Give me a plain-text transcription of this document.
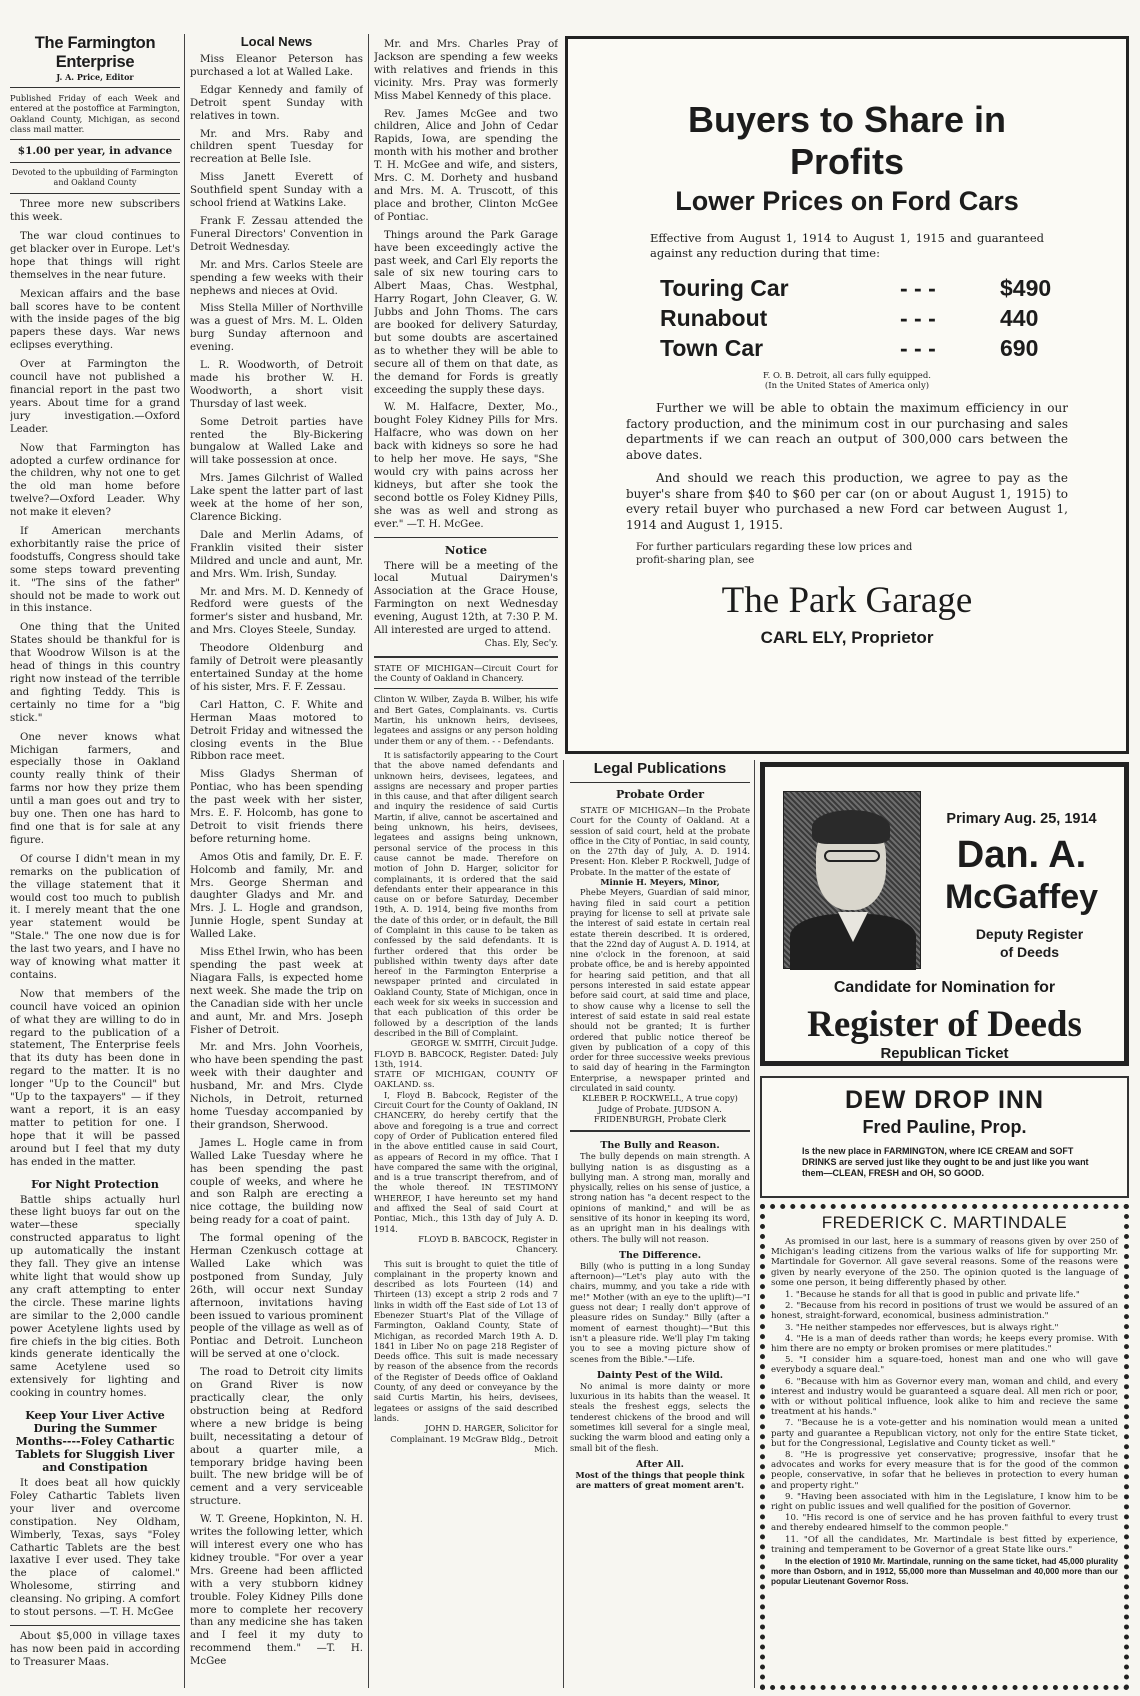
The Farmington Enterprise
J. A. Price, Editor
Published Friday of each Week and entered at the postoffice at Farmington, Oakland County, Michigan, as second class mail matter.
$1.00 per year, in advance
Devoted to the upbuilding of Farmington and Oakland County

Three more new subscribers this week.

The war cloud continues to get blacker over in Europe. Let's hope that things will right themselves in the near future.

Mexican affairs and the base ball scores have to be content with the inside pages of the big papers these days. War news eclipses everything.

Over at Farmington the council have not published a financial report in the past two years. About time for a grand jury investigation.—Oxford Leader.

Now that Farmington has adopted a curfew ordinance for the children, why not one to get the old man home before twelve?—Oxford Leader. Why not make it eleven?

If American merchants exhorbitantly raise the price of foodstuffs, Congress should take some steps toward preventing it. "The sins of the father" should not be made to work out in this instance.

One thing that the United States should be thankful for is that Woodrow Wilson is at the head of things in this country right now instead of the terrible and fighting Teddy. This is certainly no time for a "big stick."

One never knows what Michigan farmers, and especially those in Oakland county really think of their farms nor how they prize them until a man goes out and try to buy one. Then one has hard to find one that is for sale at any figure.

Of course I didn't mean in my remarks on the publication of the village statement that it would cost too much to publish it. I merely meant that the one year statement would be "Stale." The one now due is for the last two years, and I have no way of knowing what matter it contains.

Now that members of the council have voiced an opinion of what they are willing to do in regard to the publication of a statement, The Enterprise feels that its duty has been done in regard to the matter. It is no longer "Up to the Council" but "Up to the taxpayers" — if they want a report, it is an easy matter to petition for one. I hope that it will be passed around but I feel that my duty has ended in the matter.

For Night Protection

Battle ships actually hurl these light buoys far out on the water—these specially constructed apparatus to light up automatically the instant they fall. They give an intense white light that would show up any craft attempting to enter the circle. These marine lights are similar to the 2,000 candle power Acetylene lights used by fire chiefs in the big cities. Both kinds generate identically the same Acetylene used so extensively for lighting and cooking in country homes.

Keep Your Liver Active During the Summer Months----Foley Cathartic Tablets for Sluggish Liver and Constipation

It does beat all how quickly Foley Cathartic Tablets liven your liver and overcome constipation. Ney Oldham, Wimberly, Texas, says "Foley Cathartic Tablets are the best laxative I ever used. They take the place of calomel." Wholesome, stirring and cleansing. No griping. A comfort to stout persons. —T. H. McGee

About $5,000 in village taxes has now been paid in according to Treasurer Maas.

Local News

Miss Eleanor Peterson has purchased a lot at Walled Lake.

Edgar Kennedy and family of Detroit spent Sunday with relatives in town.

Mr. and Mrs. Raby and children spent Tuesday for recreation at Belle Isle.

Miss Janett Everett of Southfield spent Sunday with a school friend at Watkins Lake.

Frank F. Zessau attended the Funeral Directors' Convention in Detroit Wednesday.

Mr. and Mrs. Carlos Steele are spending a few weeks with their nephews and nieces at Ovid.

Miss Stella Miller of Northville was a guest of Mrs. M. L. Olden burg Sunday afternoon and evening.

L. R. Woodworth, of Detroit made his brother W. H. Woodworth, a short visit Thursday of last week.

Some Detroit parties have rented the Bly-Bickering bungalow at Walled Lake and will take possession at once.

Mrs. James Gilchrist of Walled Lake spent the latter part of last week at the home of her son, Clarence Bicking.

Dale and Merlin Adams, of Franklin visited their sister Mildred and uncle and aunt, Mr. and Mrs. Wm. Irish, Sunday.

Mr. and Mrs. M. D. Kennedy of Redford were guests of the former's sister and husband, Mr. and Mrs. Cloyes Steele, Sunday.

Theodore Oldenburg and family of Detroit were pleasantly entertained Sunday at the home of his sister, Mrs. F. F. Zessau.

Carl Hatton, C. F. White and Herman Maas motored to Detroit Friday and witnessed the closing events in the Blue Ribbon race meet.

Miss Gladys Sherman of Pontiac, who has been spending the past week with her sister, Mrs. E. F. Holcomb, has gone to Detroit to visit friends there before returning home.

Amos Otis and family, Dr. E. F. Holcomb and family, Mr. and Mrs. George Sherman and daughter Gladys and Mr. and Mrs. J. L. Hogle and grandson, Junnie Hogle, spent Sunday at Walled Lake.

Miss Ethel Irwin, who has been spending the past week at Niagara Falls, is expected home next week. She made the trip on the Canadian side with her uncle and aunt, Mr. and Mrs. Joseph Fisher of Detroit.

Mr. and Mrs. John Voorheis, who have been spending the past week with their daughter and husband, Mr. and Mrs. Clyde Nichols, in Detroit, returned home Tuesday accompanied by their grandson, Sherwood.

James L. Hogle came in from Walled Lake Tuesday where he has been spending the past couple of weeks, and where he and son Ralph are erecting a nice cottage, the building now being ready for a coat of paint.

The formal opening of the Herman Czenkusch cottage at Walled Lake which was postponed from Sunday, July 26th, will occur next Sunday afternoon, invitations having been issued to various prominent people of the village as well as of Pontiac and Detroit. Luncheon will be served at one o'clock.

The road to Detroit city limits on Grand River is now practically clear, the only obstruction being at Redford where a new bridge is being built, necessitating a detour of about a quarter mile, a temporary bridge having been built. The new bridge will be of cement and a very serviceable structure.

W. T. Greene, Hopkinton, N. H. writes the following letter, which will interest every one who has kidney trouble. "For over a year Mrs. Greene had been afflicted with a very stubborn kidney trouble. Foley Kidney Pills done more to complete her recovery than any medicine she has taken and I feel it my duty to recommend them." —T. H. McGee

Mr. and Mrs. Charles Pray of Jackson are spending a few weeks with relatives and friends in this vicinity. Mrs. Pray was formerly Miss Mabel Kennedy of this place.

Rev. James McGee and two children, Alice and John of Cedar Rapids, Iowa, are spending the month with his mother and brother T. H. McGee and wife, and sisters, Mrs. C. M. Dorhety and husband and Mrs. M. A. Truscott, of this place and brother, Clinton McGee of Pontiac.

Things around the Park Garage have been exceedingly active the past week, and Carl Ely reports the sale of six new touring cars to Albert Maas, Chas. Westphal, Harry Rogart, John Cleaver, G. W. Jubbs and John Thoms. The cars are booked for delivery Saturday, but some doubts are ascertained as to whether they will be able to secure all of them on that date, as the demand for Fords is greatly exceeding the supply these days.

W. M. Halfacre, Dexter, Mo., bought Foley Kidney Pills for Mrs. Halfacre, who was down on her back with kidneys so sore he had to help her move. He says, "She would cry with pains across her kidneys, but after she took the second bottle os Foley Kidney Pills, she was as well and strong as ever." —T. H. McGee.

Notice

There will be a meeting of the local Mutual Dairymen's Association at the Grace House, Farmington on next Wednesday evening, August 12th, at 7:30 P. M. All interested are urged to attend.

Chas. Ely, Sec'y.

STATE OF MICHIGAN—Circuit Court for the County of Oakland in Chancery.
Clinton W. Wilber, Zayda B. Wilber, his wife and Bert Gates, Complainants. vs. Curtis Martin, his unknown heirs, devisees, legatees and assigns or any person holding under them or any of them. - - Defendants.
It is satisfactorily appearing to the Court that the above named defendants and unknown heirs, devisees, legatees, and assigns are necessary and proper parties in this cause, and that after diligent search and inquiry the residence of said Curtis Martin, if alive, cannot be ascertained and being unknown, his heirs, devisees, legatees and assigns being unknown, personal service of the process in this cause cannot be made. Therefore on motion of John D. Harger, solicitor for complainants, it is ordered that the said defendants enter their appearance in this cause on or before Saturday, December 19th, A. D. 1914, being five months from the date of this order, or in default, the Bill of Complaint in this cause to be taken as confessed by the said defendants. It is further ordered that this order be published within twenty days after date hereof in the Farmington Enterprise a newspaper printed and circulated in Oakland County, State of Michigan, once in each week for six weeks in succession and that each publication of this order be followed by a description of the lands described in the Bill of Complaint.
GEORGE W. SMITH, Circuit Judge.
FLOYD B. BABCOCK, Register. Dated: July 13th, 1914.
STATE OF MICHIGAN, COUNTY OF OAKLAND. ss.
I, Floyd B. Babcock, Register of the Circuit Court for the County of Oakland, IN CHANCERY, do hereby certify that the above and foregoing is a true and correct copy of Order of Publication entered filed in the above entitled cause in said Court, as appears of Record in my office. That I have compared the same with the original, and is a true transcript therefrom, and of the whole thereof. IN TESTIMONY WHEREOF, I have hereunto set my hand and affixed the Seal of said Court at Pontiac, Mich., this 13th day of July A. D. 1914.
FLOYD B. BABCOCK, Register in Chancery.
This suit is brought to quiet the title of complainant in the property known and described as lots Fourteen (14) and Thirteen (13) except a strip 2 rods and 7 links in width off the East side of Lot 13 of Ebenezer Stuart's Plat of the Village of Farmington, Oakland County, State of Michigan, as recorded March 19th A. D. 1841 in Liber No on page 218 Register of Deeds office. This suit is made necessary by reason of the absence from the records of the Register of Deeds office of Oakland County, of any deed or conveyance by the said Curtis Martin, his heirs, devisees, legatees or assigns of the said described lands.
JOHN D. HARGER, Solicitor for Complainant. 19 McGraw Bldg., Detroit Mich.
Buyers to Share in
Profits
Lower Prices on Ford Cars
Effective from August 1, 1914 to August 1, 1915 and guaranteed against any reduction during that time:
Touring Car	- - -	$490
Runabout	- - -	440
Town Car	- - -	690
F. O. B. Detroit, all cars fully equipped.
(In the United States of America only)
Further we will be able to obtain the maximum efficiency in our factory production, and the minimum cost in our purchasing and sales departments if we can reach an output of 300,000 cars between the above dates.
And should we reach this production, we agree to pay as the buyer's share from $40 to $60 per car (on or about August 1, 1915) to every retail buyer who purchased a new Ford car between August 1, 1914 and August 1, 1915.
For further particulars regarding these low prices and profit-sharing plan, see
The Park Garage
CARL ELY, Proprietor
Legal Publications
Probate Order
STATE OF MICHIGAN—In the Probate Court for the County of Oakland. At a session of said court, held at the probate office in the City of Pontiac, in said county, on the 27th day of July, A. D. 1914. Present: Hon. Kleber P. Rockwell, Judge of Probate. In the matter of the estate of
Minnie H. Meyers, Minor,
Phebe Meyers, Guardian of said minor, having filed in said court a petition praying for license to sell at private sale the interest of said estate in certain real estate therein described. It is ordered, that the 22nd day of August A. D. 1914, at nine o'clock in the forenoon, at said probate office, be and is hereby appointed for hearing said petition, and that all persons interested in said estate appear before said court, at said time and place, to show cause why a license to sell the interest of said estate in said real estate should not be granted; It is further ordered that public notice thereof be given by publication of a copy of this order for three successive weeks previous to said day of hearing in the Farmington Enterprise, a newspaper printed and circulated in said county.
KLEBER P. ROCKWELL, A true copy) Judge of Probate. JUDSON A. FRIDENBURGH, Probate Clerk
The Bully and Reason.
The bully depends on main strength. A bullying nation is as disgusting as a bullying man. A strong man, morally and physically, relies on his sense of justice, a strong nation has "a decent respect to the opinions of mankind," and will be as sensitive of its honor in keeping its word, as an upright man in his dealings with others. The bully will not reason.
The Difference.
Billy (who is putting in a long Sunday afternoon)—"Let's play auto with the chairs, mummy, and you take a ride with me!" Mother (with an eye to the uplift)—"I guess not dear; I really don't approve of pleasure rides on Sunday." Billy (after a moment of earnest thought)—"But this isn't a pleasure ride. We'll play I'm taking you to see a moving picture show of scenes from the Bible."—Life.
Dainty Pest of the Wild.
No animal is more dainty or more luxurious in its habits than the weasel. It steals the freshest eggs, selects the tenderest chickens of the brood and will sometimes kill several for a single meal, sucking the warm blood and eating only a small bit of the flesh.
After All.
Most of the things that people think are matters of great moment aren't.
Primary Aug. 25, 1914
Dan. A.
McGaffey
Deputy Register of Deeds
Candidate for Nomination for
Register of Deeds
Republican Ticket
DEW DROP INN
Fred Pauline, Prop.
Is the new place in FARMINGTON, where ICE CREAM and SOFT DRINKS are served just like they ought to be and just like you want them—CLEAN, FRESH and OH, SO GOOD.
FREDERICK C. MARTINDALE
As promised in our last, here is a summary of reasons given by over 250 of Michigan's leading citizens from the various walks of life for supporting Mr. Martindale for Governor. All gave several reasons. Some of the reasons were given by nearly everyone of the 250. The opinion quoted is the language of some one person, it being differently phased by other.

1. "Because he stands for all that is good in public and private life."

2. "Because from his record in positions of trust we would be assured of an honest, straight-forward, economical, business administration."

3. "He neither stampedes nor effervesces, but is always right."

4. "He is a man of deeds rather than words; he keeps every promise. With him there are no empty or broken promises or mere platitudes."

5. "I consider him a square-toed, honest man and one who will gave everybody a square deal."

6. "Because with him as Governor every man, woman and child, and every interest and industry would be guaranteed a square deal. All men rich or poor, with or without political influence, look alike to him and recieve the same treatment at his hands."

7. "Because he is a vote-getter and his nomination would mean a united party and guarantee a Republican victory, not only for the entire State ticket, but for the Congressional, Legislative and County ticket as well."

8. "He is progressive yet conservative; progressive, insofar that he advocates and works for every measure that is for the good of the common people, conservative, in sofar that he believes in protection to every human and property right."

9. "Having been associated with him in the Legislature, I know him to be right on public issues and well qualified for the position of Governor.

10. "His record is one of service and he has proven faithful to every trust and thereby endeared himself to the common people."

11. "Of all the candidates, Mr. Martindale is best fitted by experience, training and temperament to be Governor of a great State like ours."

In the election of 1910 Mr. Martindale, running on the same ticket, had 45,000 plurality more than Osborn, and in 1912, 55,000 more than Musselman and 40,000 more than our popular Lieutenant Governor Ross.
